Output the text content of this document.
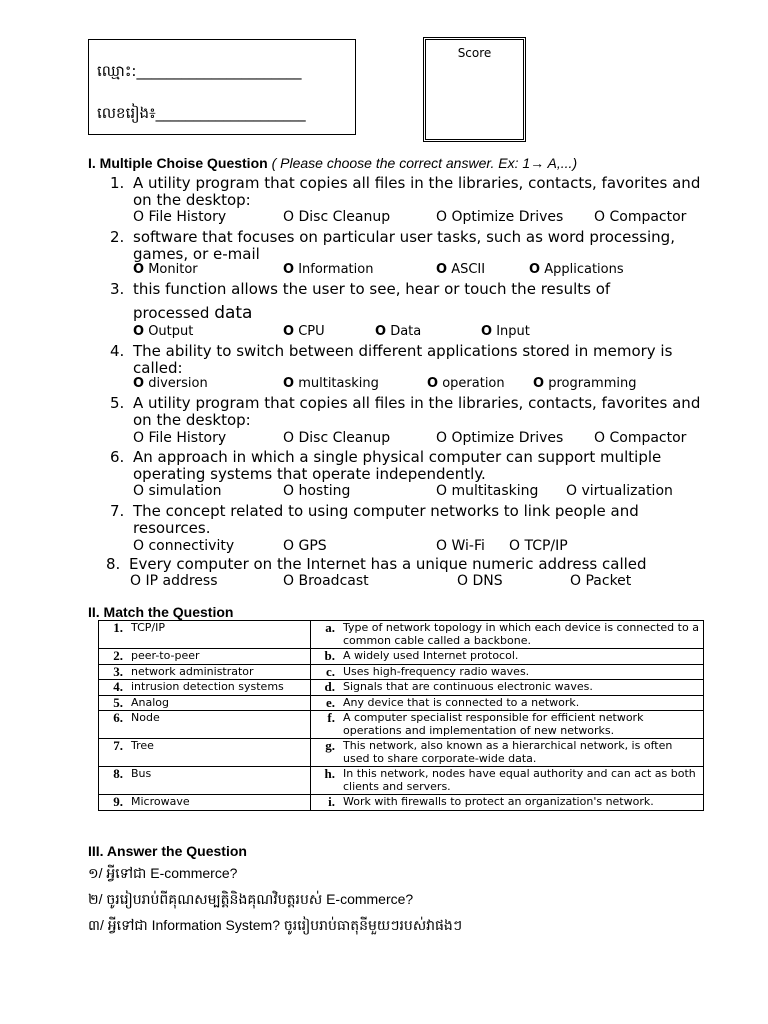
ឈ្មោះ:______________________
លេខរៀង៖____________________
Score
I. Multiple Choise Question ( Please choose the correct answer. Ex: 1→ A,...)
1. A utility program that copies all files in the libraries, contacts, favorites and on the desktop:
O File History	O Disc Cleanup	O Optimize Drives O Compactor
2. software that focuses on particular user tasks, such as word processing, games, or e-mail
O Monitor	O Information	O ASCII	O Applications
3. this function allows the user to see, hear or touch the results of
processed data
O Output	O CPU	O Data	O Input
4. The ability to switch between different applications stored in memory is called:
O diversion	O multitasking	O operation O programming
5. A utility program that copies all files in the libraries, contacts, favorites and on the desktop:
O File History	O Disc Cleanup	O Optimize Drives O Compactor
6. An approach in which a single physical computer can support multiple operating systems that operate independently.
O simulation	O hosting	O multitasking O virtualization
7. The concept related to using computer networks to link people and resources.
O connectivity	O GPS	O Wi-Fi O TCP/IP
8. Every computer on the Internet has a unique numeric address called
O IP address	O Broadcast	O DNS	O Packet
II. Match the Question
1.	TCP/IP	a.	Type of network topology in which each device is connected to a common cable called a backbone.
2.	peer-to-peer	b.	A widely used Internet protocol.
3.	network administrator	c.	Uses high-frequency radio waves.
4.	intrusion detection systems	d.	Signals that are continuous electronic waves.
5.	Analog	e.	Any device that is connected to a network.
6.	Node	f.	A computer specialist responsible for efficient network operations and implementation of new networks.
7.	Tree	g.	This network, also known as a hierarchical network, is often used to share corporate-wide data.
8.	Bus	h.	In this network, nodes have equal authority and can act as both clients and servers.
9.	Microwave	i.	Work with firewalls to protect an organization's network.
III. Answer the Question
១/ អ្វីទៅជា E-commerce?
២/ ចូររៀបរាប់ពីគុណសម្បត្តិនិងគុណវិបត្តរបស់ E-commerce?
៣/ អ្វីទៅជា Information System? ចូររៀបរាប់ធាតុនីមួយៗរបស់វាផងៗ
